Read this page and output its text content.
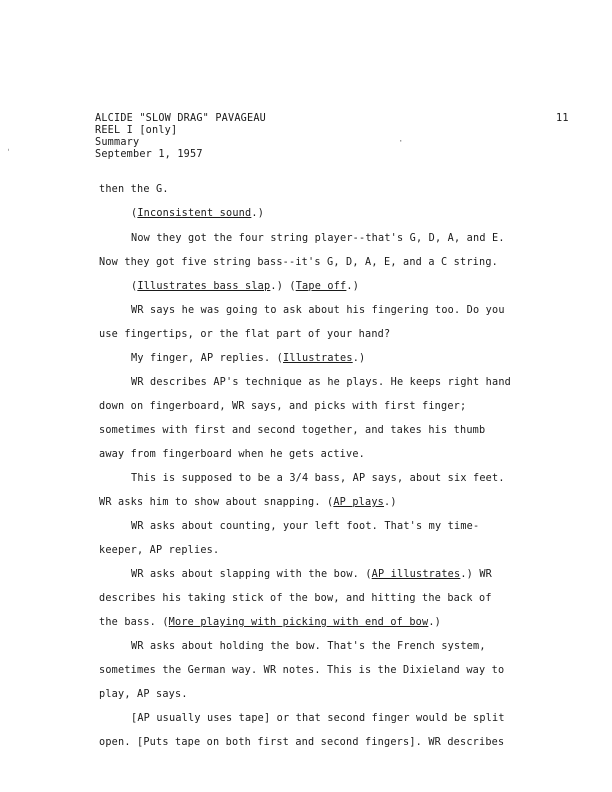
ALCIDE "SLOW DRAG" PAVAGEAU	11
REEL I [only]
Summary
September 1, 1957
·
ˎ
then the G.
(Inconsistent sound.)
Now they got the four string player--that's G, D, A, and E.
Now they got five string bass--it's G, D, A, E, and a C string.
(Illustrates bass slap.) (Tape off.)
WR says he was going to ask about his fingering too. Do you
use fingertips, or the flat part of your hand?
My finger, AP replies. (Illustrates.)
WR describes AP's technique as he plays. He keeps right hand
down on fingerboard, WR says, and picks with first finger;
sometimes with first and second together, and takes his thumb
away from fingerboard when he gets active.
This is supposed to be a 3/4 bass, AP says, about six feet.
WR asks him to show about snapping. (AP plays.)
WR asks about counting, your left foot. That's my time-
keeper, AP replies.
WR asks about slapping with the bow. (AP illustrates.) WR
describes his taking stick of the bow, and hitting the back of
the bass. (More playing with picking with end of bow.)
WR asks about holding the bow. That's the French system,
sometimes the German way. WR notes. This is the Dixieland way to
play, AP says.
[AP usually uses tape] or that second finger would be split
open. [Puts tape on both first and second fingers]. WR describes
